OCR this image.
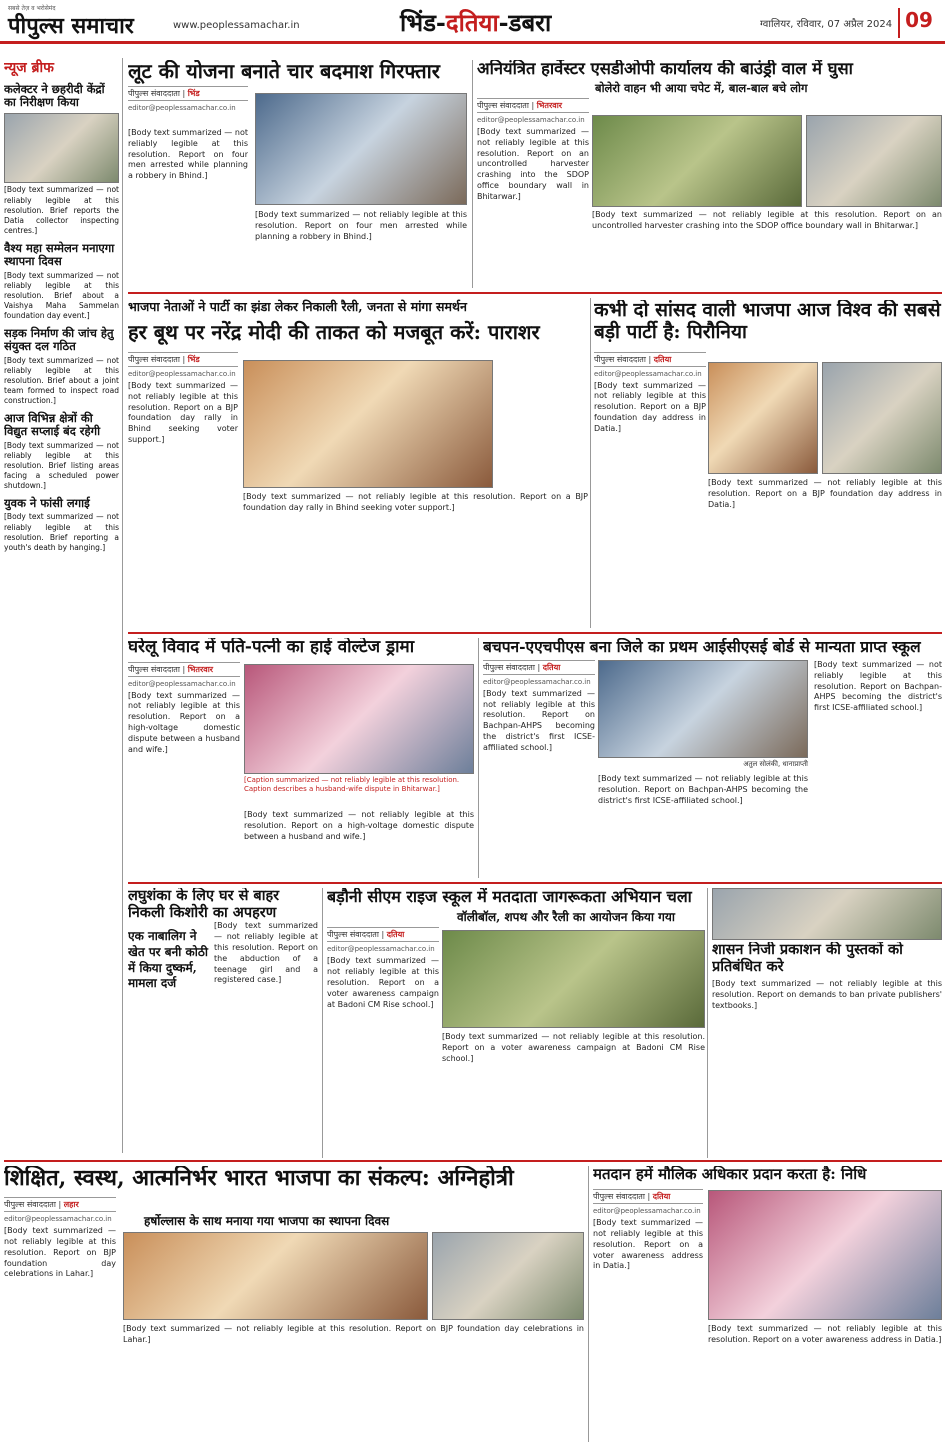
सबसे तेज़ व भरोसेमंद
पीपुल्स समाचार	www.peoplessamachar.in	भिंड-दतिया-डबरा	ग्वालियर, रविवार, 07 अप्रैल 2024 09
न्यूज ब्रीफ
कलेक्टर ने छहरीदी केंद्रों का निरीक्षण किया
[Body text summarized — not reliably legible at this resolution. Brief reports the Datia collector inspecting centres.]
वैश्य महा सम्मेलन मनाएगा स्थापना दिवस
[Body text summarized — not reliably legible at this resolution. Brief about a Vaishya Maha Sammelan foundation day event.]
सड़क निर्माण की जांच हेतु संयुक्त दल गठित
[Body text summarized — not reliably legible at this resolution. Brief about a joint team formed to inspect road construction.]
आज विभिन्न क्षेत्रों की विद्युत सप्लाई बंद रहेगी
[Body text summarized — not reliably legible at this resolution. Brief listing areas facing a scheduled power shutdown.]
युवक ने फांसी लगाई
[Body text summarized — not reliably legible at this resolution. Brief reporting a youth's death by hanging.]
लूट की योजना बनाते चार बदमाश गिरफ्तार
पीपुल्स संवाददाता | भिंड
editor@peoplessamachar.co.in
[Body text summarized — not reliably legible at this resolution. Report on four men arrested while planning a robbery in Bhind.]
[Body text summarized — not reliably legible at this resolution. Report on four men arrested while planning a robbery in Bhind.]
अनियंत्रित हार्वेस्टर एसडीओपी कार्यालय की बाउंड्री वाल में घुसा
बोलेरो वाहन भी आया चपेट में, बाल-बाल बचे लोग
पीपुल्स संवाददाता | भितरवार
editor@peoplessamachar.co.in
[Body text summarized — not reliably legible at this resolution. Report on an uncontrolled harvester crashing into the SDOP office boundary wall in Bhitarwar.]
[Body text summarized — not reliably legible at this resolution. Report on an uncontrolled harvester crashing into the SDOP office boundary wall in Bhitarwar.]
भाजपा नेताओं ने पार्टी का झंडा लेकर निकाली रैली, जनता से मांगा समर्थन
हर बूथ पर नरेंद्र मोदी की ताकत को मजबूत करें: पाराशर
पीपुल्स संवाददाता | भिंड
editor@peoplessamachar.co.in
[Body text summarized — not reliably legible at this resolution. Report on a BJP foundation day rally in Bhind seeking voter support.]
[Body text summarized — not reliably legible at this resolution. Report on a BJP foundation day rally in Bhind seeking voter support.]
कभी दो सांसद वाली भाजपा आज विश्व की सबसे बड़ी पार्टी है: पिरौनिया
पीपुल्स संवाददाता | दतिया
editor@peoplessamachar.co.in
[Body text summarized — not reliably legible at this resolution. Report on a BJP foundation day address in Datia.]
[Body text summarized — not reliably legible at this resolution. Report on a BJP foundation day address in Datia.]
घरेलू विवाद में पति-पत्नी का हाई वोल्टेज ड्रामा
पीपुल्स संवाददाता | भितरवार
editor@peoplessamachar.co.in
[Body text summarized — not reliably legible at this resolution. Report on a high-voltage domestic dispute between a husband and wife.]
[Caption summarized — not reliably legible at this resolution. Caption describes a husband-wife dispute in Bhitarwar.]
[Body text summarized — not reliably legible at this resolution. Report on a high-voltage domestic dispute between a husband and wife.]
बचपन-एएचपीएस बना जिले का प्रथम आईसीएसई बोर्ड से मान्यता प्राप्त स्कूल
पीपुल्स संवाददाता | दतिया
editor@peoplessamachar.co.in
[Body text summarized — not reliably legible at this resolution. Report on Bachpan-AHPS becoming the district's first ICSE-affiliated school.]
अतुल सोलंकी, धानाप्राप्ती
[Body text summarized — not reliably legible at this resolution. Report on Bachpan-AHPS becoming the district's first ICSE-affiliated school.]
[Body text summarized — not reliably legible at this resolution. Report on Bachpan-AHPS becoming the district's first ICSE-affiliated school.]
लघुशंका के लिए घर से बाहर निकली किशोरी का अपहरण
एक नाबालिग ने खेत पर बनी कोठी में किया दुष्कर्म, मामला दर्ज
[Body text summarized — not reliably legible at this resolution. Report on the abduction of a teenage girl and a registered case.]
बड़ौनी सीएम राइज स्कूल में मतदाता जागरूकता अभियान चला
वॉलीबॉल, शपथ और रैली का आयोजन किया गया
पीपुल्स संवाददाता | दतिया
editor@peoplessamachar.co.in
[Body text summarized — not reliably legible at this resolution. Report on a voter awareness campaign at Badoni CM Rise school.]
[Body text summarized — not reliably legible at this resolution. Report on a voter awareness campaign at Badoni CM Rise school.]
शासन निजी प्रकाशन की पुस्तकों को प्रतिबंधित करे
[Body text summarized — not reliably legible at this resolution. Report on demands to ban private publishers' textbooks.]
शिक्षित, स्वस्थ, आत्मनिर्भर भारत भाजपा का संकल्प: अग्निहोत्री
पीपुल्स संवाददाता | लहार
हर्षोल्लास के साथ मनाया गया भाजपा का स्थापना दिवस
editor@peoplessamachar.co.in
[Body text summarized — not reliably legible at this resolution. Report on BJP foundation day celebrations in Lahar.]
[Body text summarized — not reliably legible at this resolution. Report on BJP foundation day celebrations in Lahar.]
मतदान हमें मौलिक अधिकार प्रदान करता है: निधि
पीपुल्स संवाददाता | दतिया
editor@peoplessamachar.co.in
[Body text summarized — not reliably legible at this resolution. Report on a voter awareness address in Datia.]
[Body text summarized — not reliably legible at this resolution. Report on a voter awareness address in Datia.]
